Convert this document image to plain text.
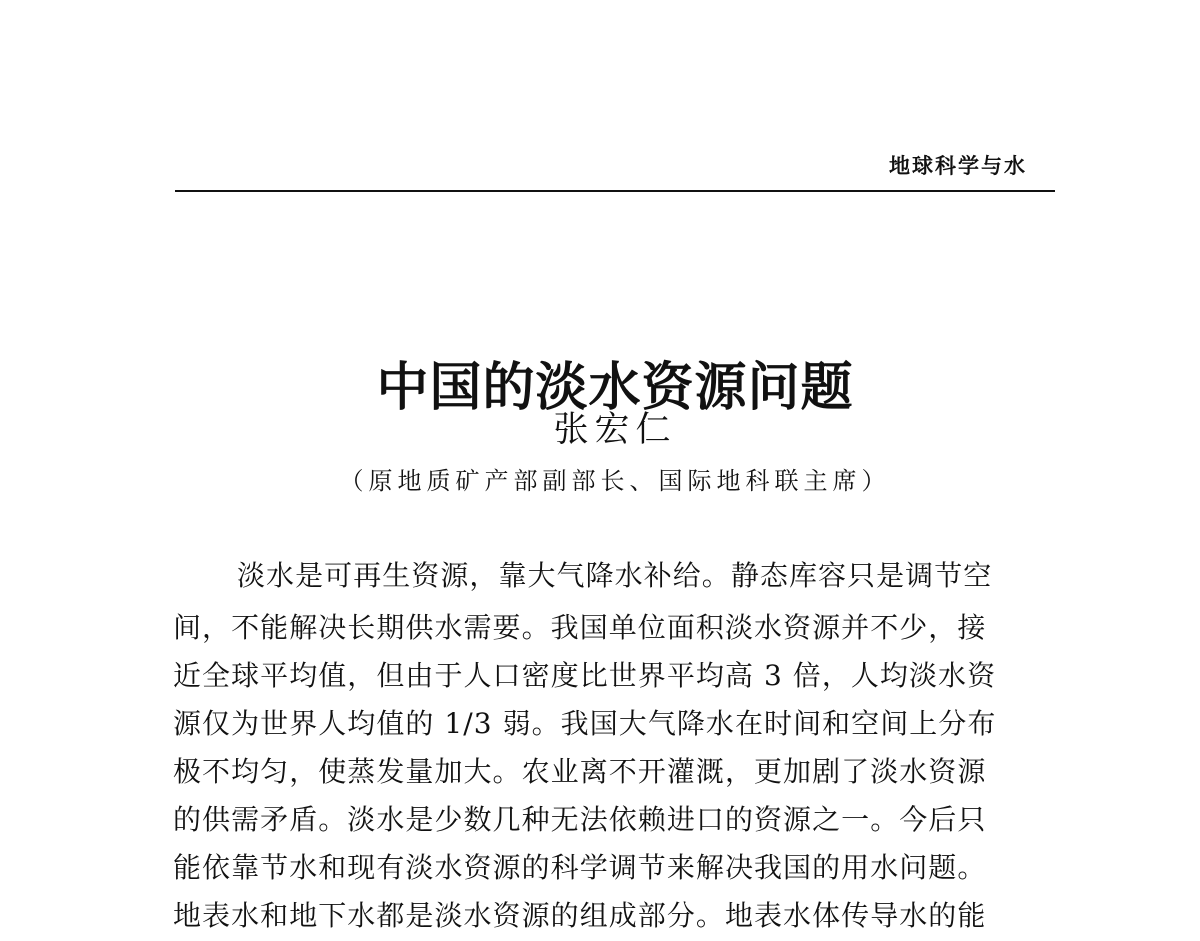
地球科学与水
中国的淡水资源问题
张宏仁
（原地质矿产部副部长、国际地科联主席）
淡水是可再生资源，靠大气降水补给。静态库容只是调节空
间，不能解决长期供水需要。我国单位面积淡水资源并不少，接
近全球平均值，但由于人口密度比世界平均高 3 倍，人均淡水资
源仅为世界人均值的 1/3 弱。我国大气降水在时间和空间上分布
极不均匀，使蒸发量加大。农业离不开灌溉，更加剧了淡水资源
的供需矛盾。淡水是少数几种无法依赖进口的资源之一。今后只
能依靠节水和现有淡水资源的科学调节来解决我国的用水问题。
地表水和地下水都是淡水资源的组成部分。地表水体传导水的能
